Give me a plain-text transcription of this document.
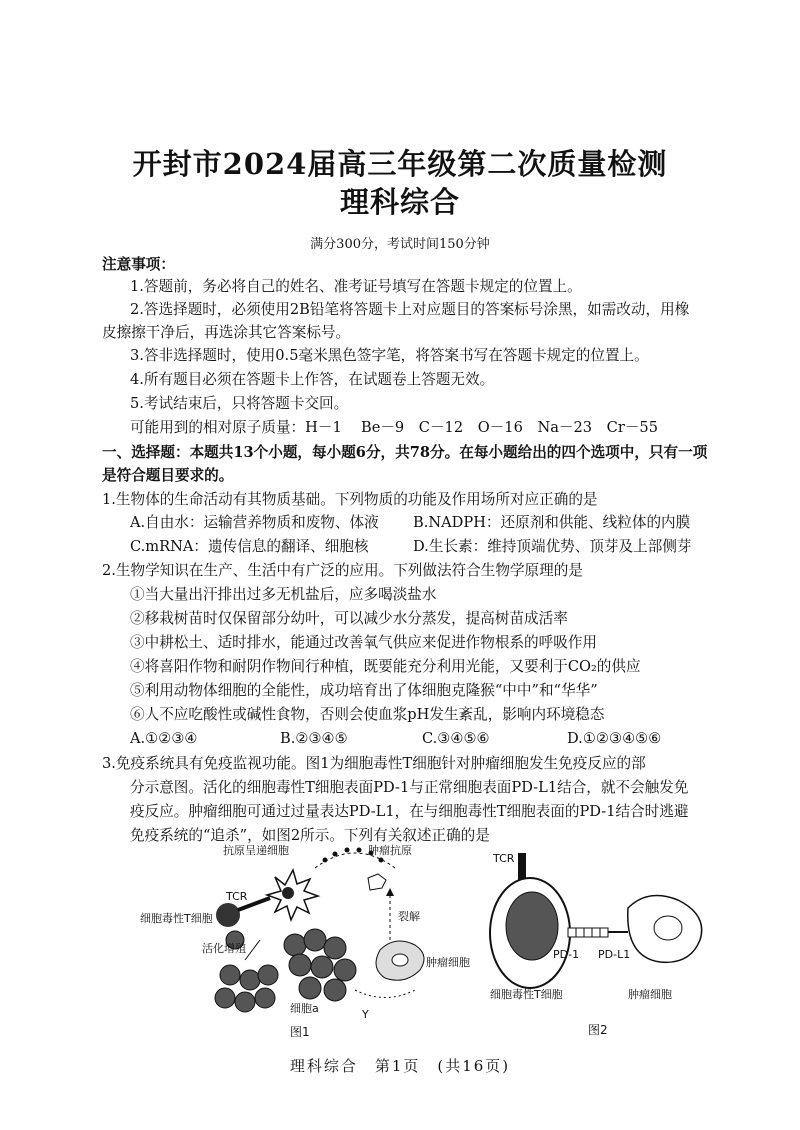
开封市2024届高三年级第二次质量检测
理科综合
满分300分，考试时间150分钟
注意事项：
1.答题前，务必将自己的姓名、准考证号填写在答题卡规定的位置上。
2.答选择题时，必须使用2B铅笔将答题卡上对应题目的答案标号涂黑，如需改动，用橡
皮擦擦干净后，再选涂其它答案标号。
3.答非选择题时，使用0.5毫米黑色签字笔，将答案书写在答题卡规定的位置上。
4.所有题目必须在答题卡上作答，在试题卷上答题无效。
5.考试结束后，只将答题卡交回。
可能用到的相对原子质量：H－1　 Be－9　C－12　O－16　Na－23　Cr－55
一、选择题：本题共13个小题，每小题6分，共78分。在每小题给出的四个选项中，只有一项
是符合题目要求的。
1.生物体的生命活动有其物质基础。下列物质的功能及作用场所对应正确的是
A.自由水：运输营养物质和废物、体液 B.NADPH：还原剂和供能、线粒体的内膜
C.mRNA：遗传信息的翻译、细胞核	D.生长素：维持顶端优势、顶芽及上部侧芽
2.生物学知识在生产、生活中有广泛的应用。下列做法符合生物学原理的是
①当大量出汗排出过多无机盐后，应多喝淡盐水
②移栽树苗时仅保留部分幼叶，可以减少水分蒸发，提高树苗成活率
③中耕松土、适时排水，能通过改善氧气供应来促进作物根系的呼吸作用
④将喜阳作物和耐阴作物间行种植，既要能充分利用光能，又要利于CO₂的供应
⑤利用动物体细胞的全能性，成功培育出了体细胞克隆猴“中中”和“华华”
⑥人不应吃酸性或碱性食物，否则会使血浆pH发生紊乱，影响内环境稳态
A.①②③④	B.②③④⑤	C.③④⑤⑥	D.①②③④⑤⑥
3.免疫系统具有免疫监视功能。图1为细胞毒性T细胞针对肿瘤细胞发生免疫反应的部
分示意图。活化的细胞毒性T细胞表面PD-1与正常细胞表面PD-L1结合，就不会触发免
疫反应。肿瘤细胞可通过过量表达PD-L1，在与细胞毒性T细胞表面的PD-1结合时逃避
免疫系统的“追杀”，如图2所示。下列有关叙述正确的是
抗原呈递细胞	肿瘤抗原
TCR
细胞毒性T细胞
活化增殖
裂解
肿瘤细胞
细胞a	Y
图1
TCR
PD-1 PD-L1
细胞毒性T细胞	肿瘤细胞
图2
理科综合　第1页　(共16页)
